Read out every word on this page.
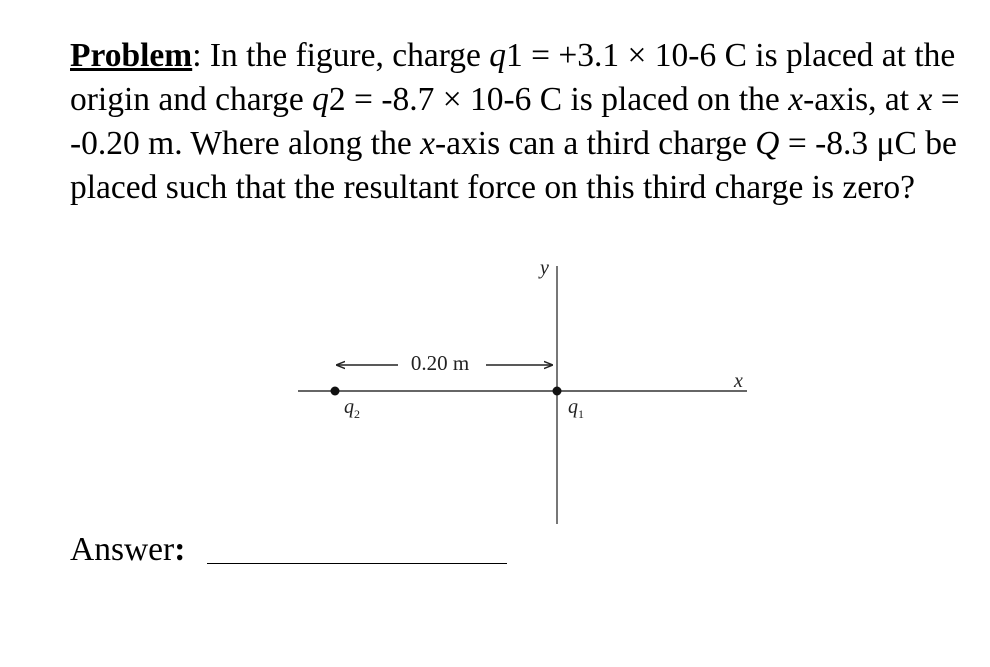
Problem: In the figure, charge q1 = +3.1 × 10-6 C is placed at the origin and charge q2 = -8.7 × 10-6 C is placed on the x-axis, at x = -0.20 m. Where along the x-axis can a third charge Q = -8.3 μC be placed such that the resultant force on this third charge is zero?
y
x
0.20 m
q 2	q 1
Answer:
